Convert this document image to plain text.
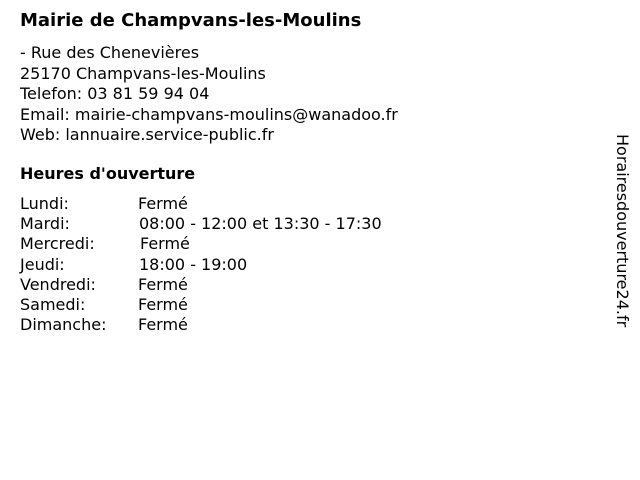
Mairie de Champvans-les-Moulins
- Rue des Chenevières
25170 Champvans-les-Moulins
Telefon: 03 81 59 94 04
Email: mairie-champvans-moulins@wanadoo.fr
Web: lannuaire.service-public.fr
Heures d'ouverture
Lundi:	Fermé
Mardi:	08:00 - 12:00 et 13:30 - 17:30
Mercredi:	Fermé
Jeudi:	18:00 - 19:00
Vendredi:	Fermé
Samedi:	Fermé
Dimanche: Fermé	Horairesdouverture24.fr
